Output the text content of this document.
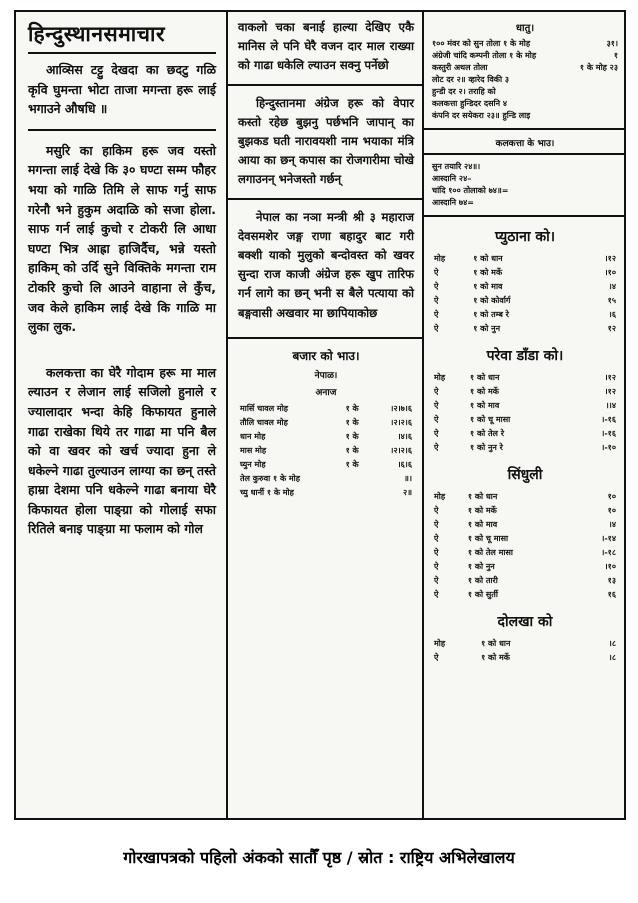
हिन्दुस्थानसमाचार
आव्सिस टट्टु देखदा का छदटु गळि कृवि घुमन्ता भोटा ताजा मगन्ता हरू लाई भगाउने औषधि ॥
मसुरि का हाकिम हरू जव यस्तो मगन्ता लाई देखे कि ३० घण्टा सम्म फौहर भया को गाळि तिमि ले साफ गर्नु साफ गरेनौ भने हुकुम अदाळि को सजा होला. साफ गर्न लाई कुचो र टोकरी लि आधा घण्टा भित्र आह्रा हाजिर्दैच, भन्ने यस्तो हाकिम् को उर्दि सुने विक्तिके मगन्ता राम टोकरि कुचो लि आउने वाहाना ले कुँच, जव केले हाकिम लाई देखे कि गाळि मा लुका लुक.
कलकत्ता का घेरै गोदाम हरू मा माल ल्याउन र लेजान लाई सजिलो हुनाले र ज्यालादार भन्दा केहि किफायत हुनाले गाढा राखेका थिये तर गाढा मा पनि बैल को वा खवर को खर्च ज्यादा हुना ले धकेल्ने गाढा तुल्याउन लाग्या का छन् तस्ते हाम्रा देशमा पनि धकेल्ने गाढा बनाया घेरै किफायत होला पाङ्ग्रा को गोलाई सफा रितिले बनाइ पाङ्ग्रा मा फलाम को गोल
वाकलो चका बनाई हाल्या देखिए एकै मानिस ले पनि घेरै वजन दार माल राख्या को गाढा धकेलि ल्याउन सक्नु पर्नेछो
हिन्दुस्तानमा अंग्रेज हरू को वेपार कस्तो रहेछ बुझनु पर्छभनि जापान् का बुझकड घती नारावयशी नाम भयाका मंत्रि आया का छन् कपास का रोजगारीमा चोखे लगाउनन् भनेजस्तो गर्छन्
नेपाल का नञा मन्त्री श्री ३ महाराज देवसमशेर जङ्ग राणा बहादुर बाट गरी बक्शी याको मुलुको बन्दोवस्त को खवर सुन्दा राज काजी अंग्रेज हरू खुप तारिफ गर्न लागे का छन् भनी स बैले पत्याया को बङ्गवासी अखवार मा छापियाकोछ
बजार को भाउ।
नेपाळ।
अनाज
मार्सि चावल मोह	१ के	।२।७।६
तौलि चावल मोह	१ के	।२।२।६
धान मोह	१ के	।४।६
मास मोह	१ के	।२।२।६
घ्युन मोह	१ के	।६।६
तेल कुरुवा १ के मोह		॥।
च्यु धार्नी १ के मोह		२॥
धातु।
१०० मंवर को सुन तोला १ के मोह	३१।
अंग्रेजी चांदि कम्पनी तोला १ के मोह	१
कस्तुरी अथल तोला	१ के मोह २३
लोट दर २॥ व्हारेद विकी ३
हुन्डी दर २। तराहि को
कलकत्ता हुन्डिदर दसनि ४
कंपनि दर सयेकरा २३॥ हुन्डि लाइ
कलकत्ता के भाउ।
सुन तयारि २४॥।
आस्दानि २४–
चांदि १०० तोलाको ७४॥=
आस्दानि ७४=
प्युठाना को।
मोह	१ को धान	।१२
ऐ	१ को मर्के	।१०
ऐ	१ को माव	।४
ऐ	१ को कोर्वार्ग	१५
ऐ	१ को तम्ब रे	।६
ऐ	१ को नुन	१२
परेवा डाँडा को।
मोह	१ को धान	।१२
ऐ	१ को मर्के	।१२
ऐ	१ को माव	।।४
ऐ	१ को चू मासा	।-१६
ऐ	१ को तेल रे	।-१६
ऐ	१ को नुन रे	।-१०
सिंधुली
मोह	१ को धान	१०
ऐ	१ को मर्के	१०
ऐ	१ को माव	।४
ऐ	१ को चू मासा	।-१४
ऐ	१ को तेल मासा	।-१८
ऐ	१ को नुन	।१०
ऐ	१ को तारी	१३
ऐ	१ को सुर्ती	१६
दोलखा को
मोह	१ को धान	।८
ऐ	१ को मर्के	।८
गोरखापत्रको पहिलो अंकको सातौँ पृष्ठ / स्रोत : राष्ट्रिय अभिलेखालय
